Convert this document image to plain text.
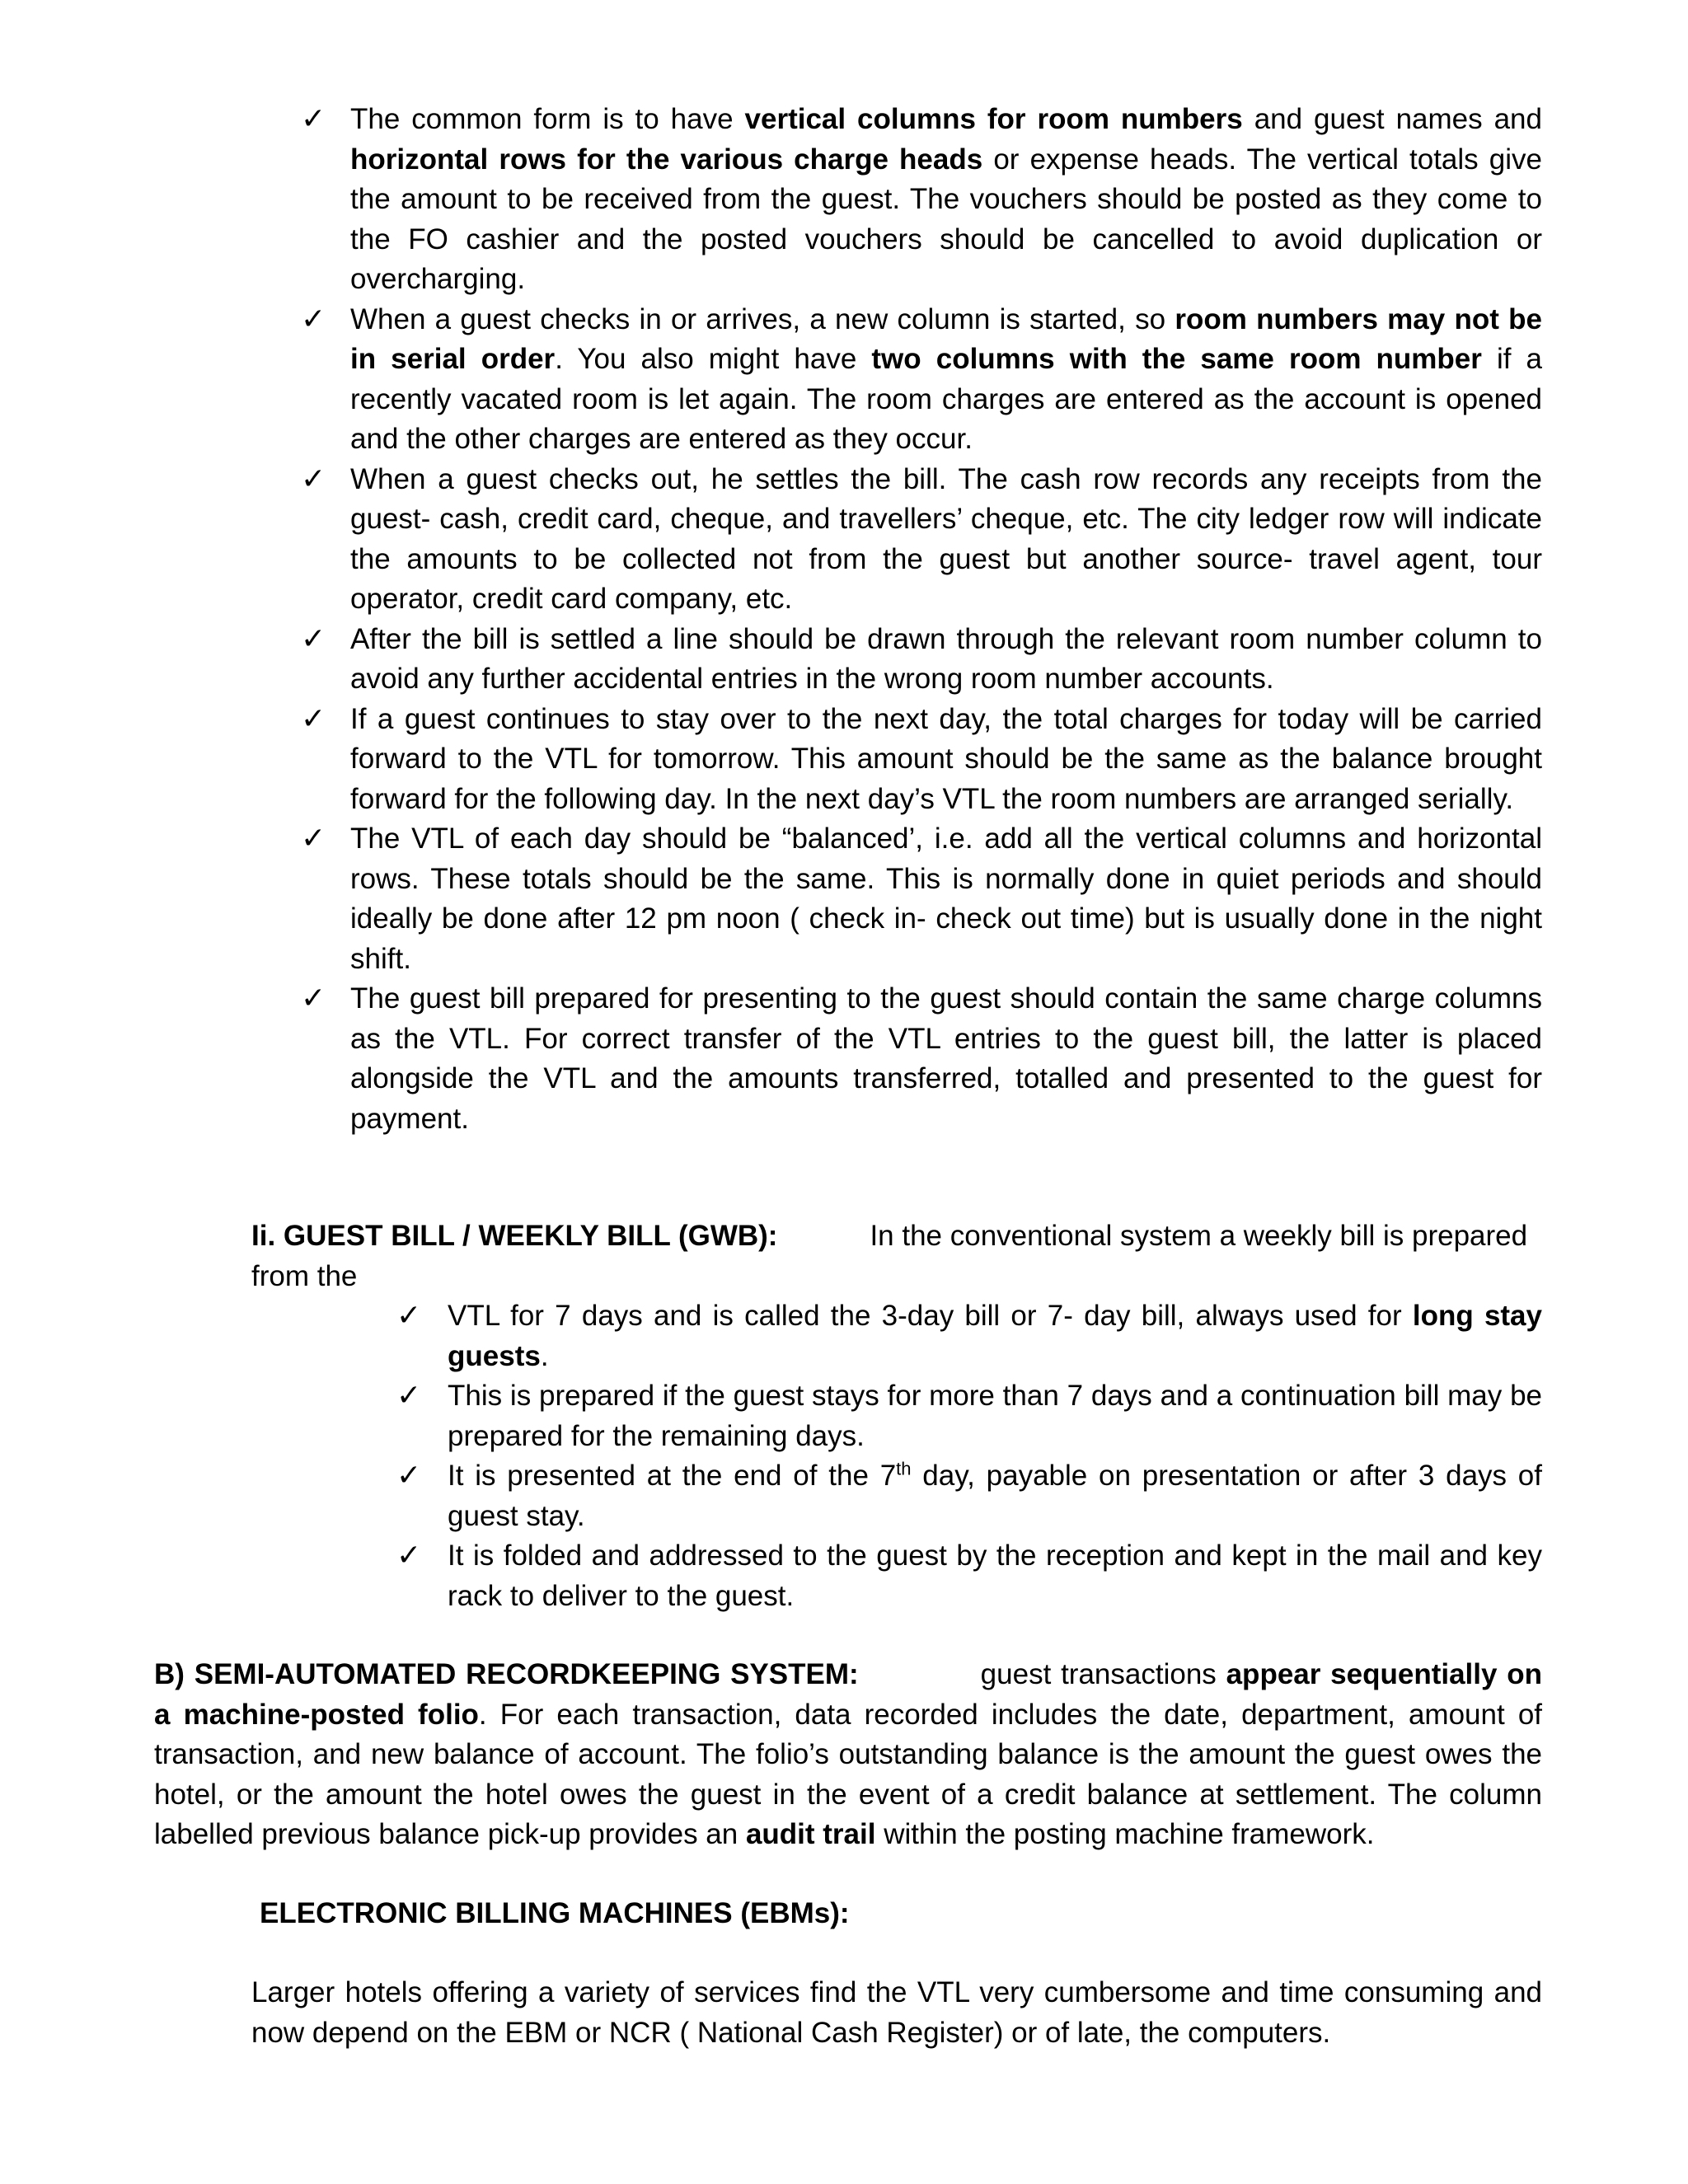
✓ The common form is to have vertical columns for room numbers and guest names and horizontal rows for the various charge heads or expense heads. The vertical totals give the amount to be received from the guest. The vouchers should be posted as they come to the FO cashier and the posted vouchers should be cancelled to avoid duplication or overcharging.
✓ When a guest checks in or arrives, a new column is started, so room numbers may not be in serial order. You also might have two columns with the same room number if a recently vacated room is let again. The room charges are entered as the account is opened and the other charges are entered as they occur.
✓ When a guest checks out, he settles the bill. The cash row records any receipts from the guest- cash, credit card, cheque, and travellers’ cheque, etc. The city ledger row will indicate the amounts to be collected not from the guest but another source- travel agent, tour operator, credit card company, etc.
✓ After the bill is settled a line should be drawn through the relevant room number column to avoid any further accidental entries in the wrong room number accounts.
✓ If a guest continues to stay over to the next day, the total charges for today will be carried forward to the VTL for tomorrow. This amount should be the same as the balance brought forward for the following day. In the next day’s VTL the room numbers are arranged serially.
✓ The VTL of each day should be “balanced’, i.e. add all the vertical columns and horizontal rows. These totals should be the same. This is normally done in quiet periods and should ideally be done after 12 pm noon ( check in- check out time) but is usually done in the night shift.
✓ The guest bill prepared for presenting to the guest should contain the same charge columns as the VTL. For correct transfer of the VTL entries to the guest bill, the latter is placed alongside the VTL and the amounts transferred, totalled and presented to the guest for payment.

Ii. GUEST BILL / WEEKLY BILL (GWB):	In the conventional system a weekly bill is prepared from the

✓ VTL for 7 days and is called the 3-day bill or 7- day bill, always used for long stay guests.
✓ This is prepared if the guest stays for more than 7 days and a continuation bill may be prepared for the remaining days.
✓ It is presented at the end of the 7th day, payable on presentation or after 3 days of guest stay.
✓ It is folded and addressed to the guest by the reception and kept in the mail and key rack to deliver to the guest.

B) SEMI-AUTOMATED RECORDKEEPING SYSTEM:	guest transactions appear sequentially on a machine-posted folio. For each transaction, data recorded includes the date, department, amount of transaction, and new balance of account. The folio’s outstanding balance is the amount the guest owes the hotel, or the amount the hotel owes the guest in the event of a credit balance at settlement. The column labelled previous balance pick-up provides an audit trail within the posting machine framework.

ELECTRONIC BILLING MACHINES (EBMs):

Larger hotels offering a variety of services find the VTL very cumbersome and time consuming and now depend on the EBM or NCR ( National Cash Register) or of late, the computers.
